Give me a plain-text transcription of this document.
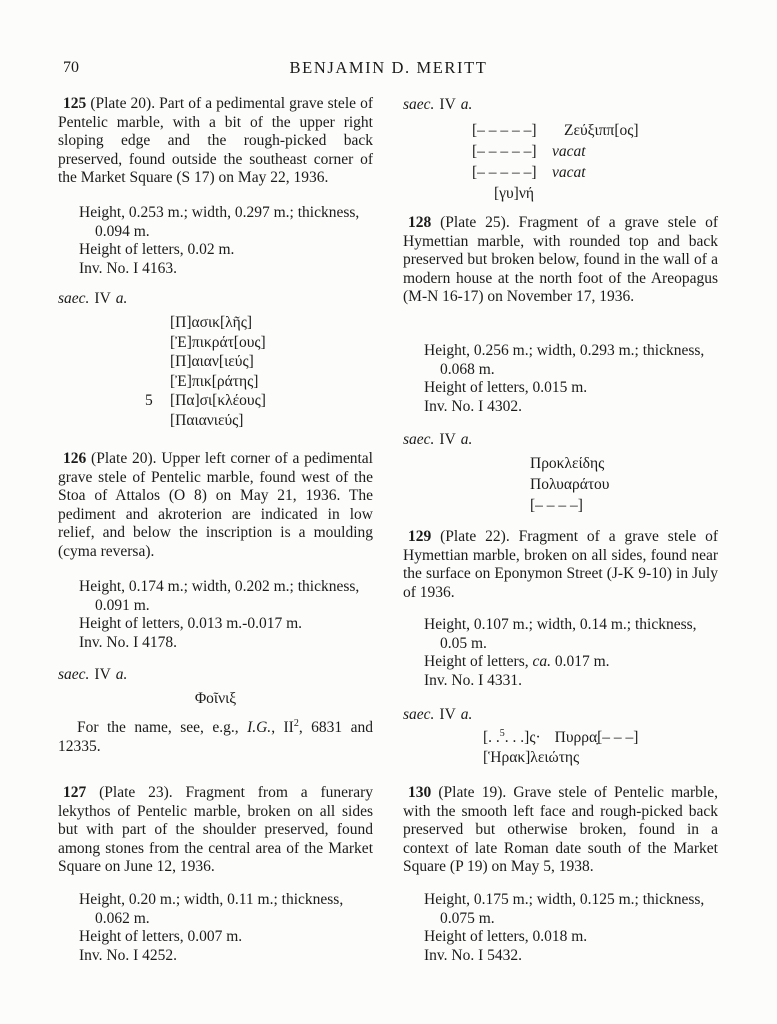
70	BENJAMIN D. MERITT
125 (Plate 20). Part of a pedimental grave stele of Pentelic marble, with a bit of the upper right sloping edge and the rough-picked back preserved, found outside the southeast corner of the Market Square (S 17) on May 22, 1936.
Height, 0.253 m.; width, 0.297 m.; thickness,
0.094 m.
Height of letters, 0.02 m.
Inv. No. I 4163.
saec. IV a.
[Π]ασικ[λῆς]
[Ἐ]πικράτ[ους]
[Π]αιαν[ιεύς]
[Ἐ]πικ[ράτης]
5 [Πα]σι[κλέους]
[Παιανιεύς]
126 (Plate 20). Upper left corner of a pedimental grave stele of Pentelic marble, found west of the Stoa of Attalos (O 8) on May 21, 1936. The pediment and akroterion are indicated in low relief, and below the inscription is a moulding (cyma reversa).
Height, 0.174 m.; width, 0.202 m.; thickness,
0.091 m.
Height of letters, 0.013 m.-0.017 m.
Inv. No. I 4178.
saec. IV a.
Φοῖνιξ
For the name, see, e.g., I.G., $II^2$, 6831 and 12335.
127 (Plate 23). Fragment from a funerary lekythos of Pentelic marble, broken on all sides but with part of the shoulder preserved, found among stones from the central area of the Market Square on June 12, 1936.
Height, 0.20 m.; width, 0.11 m.; thickness,
0.062 m.
Height of letters, 0.007 m.
Inv. No. I 4252.
saec. IV a.
[– – – – –] Ζεύξιππ[ος]
[– – – – –] vacat
[– – – – –] vacat
[γυ]νή
128 (Plate 25). Fragment of a grave stele of Hymettian marble, with rounded top and back preserved but broken below, found in the wall of a modern house at the north foot of the Areopagus (M-N 16-17) on November 17, 1936.
Height, 0.256 m.; width, 0.293 m.; thickness,
0.068 m.
Height of letters, 0.015 m.
Inv. No. I 4302.
saec. IV a.
Προκλείδης
Πολυαράτου
[– – – –]
129 (Plate 22). Fragment of a grave stele of Hymettian marble, broken on all sides, found near the surface on Eponymon Street (J-K 9-10) in July of 1936.
Height, 0.107 m.; width, 0.14 m.; thickness,
0.05 m.
Height of letters, ca. 0.017 m.
Inv. No. I 4331.
saec. IV a.
[. .$^5$. . .]ς· Πυρρα̣[– – –]
[Ἡρακ]λειώτης
130 (Plate 19). Grave stele of Pentelic marble, with the smooth left face and rough-picked back preserved but otherwise broken, found in a context of late Roman date south of the Market Square (P 19) on May 5, 1938.
Height, 0.175 m.; width, 0.125 m.; thickness,
0.075 m.
Height of letters, 0.018 m.
Inv. No. I 5432.
